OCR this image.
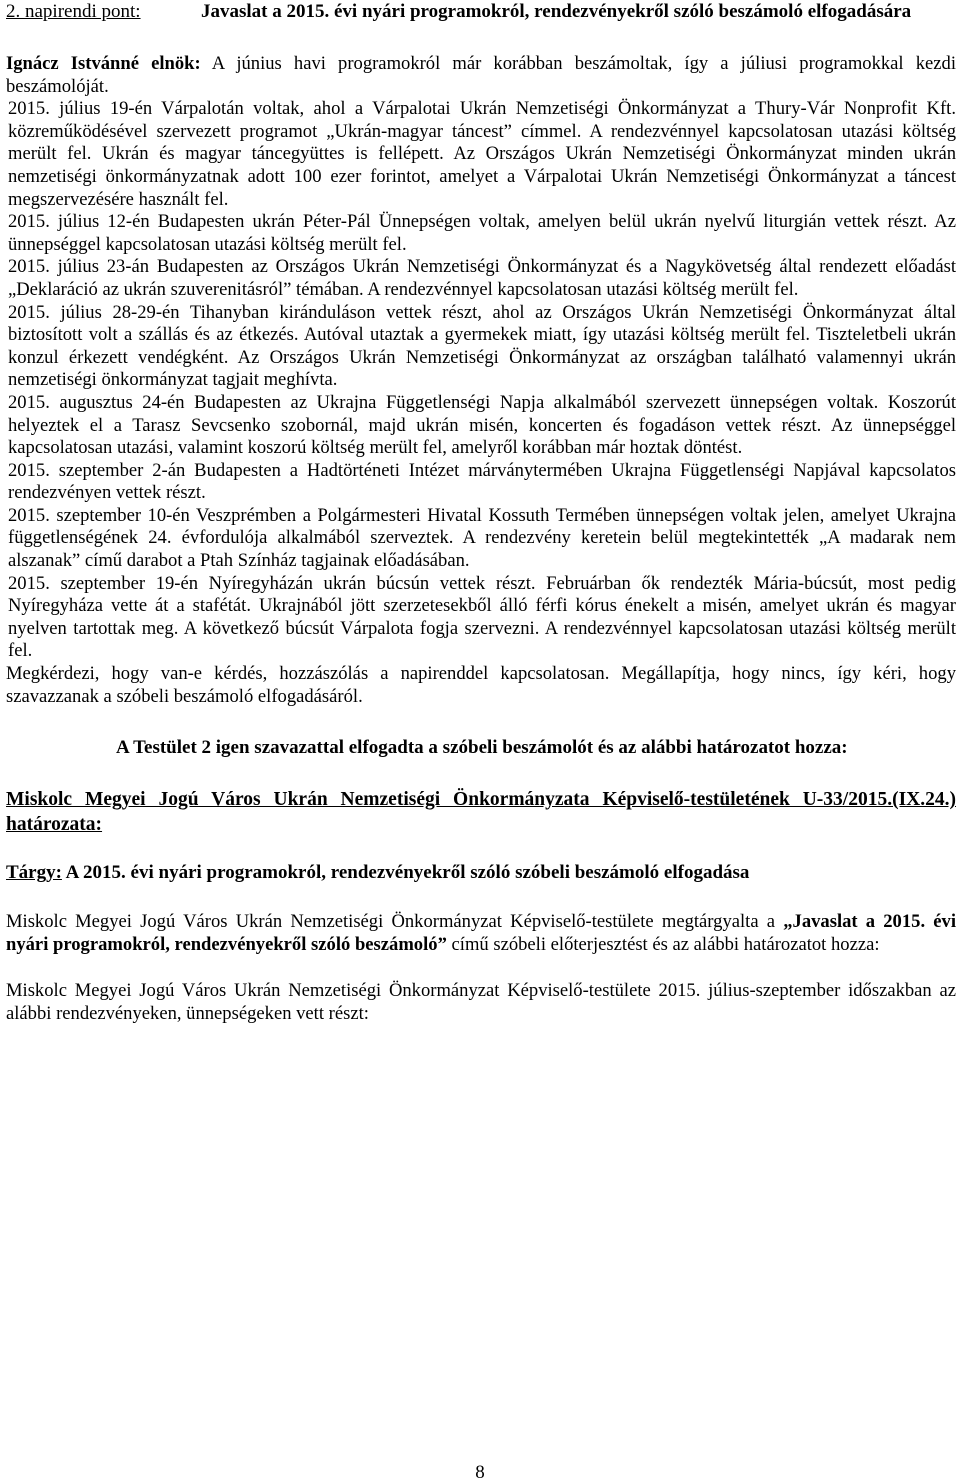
2. napirendi pont:	Javaslat a 2015. évi nyári programokról, rendezvényekről szóló beszámoló elfogadására

Ignácz Istvánné elnök: A június havi programokról már korábban beszámoltak, így a júliusi programokkal kezdi beszámolóját.

2015. július 19-én Várpalotán voltak, ahol a Várpalotai Ukrán Nemzetiségi Önkormányzat a Thury-Vár Nonprofit Kft. közreműködésével szervezett programot „Ukrán-magyar táncest” címmel. A rendezvénnyel kapcsolatosan utazási költség merült fel. Ukrán és magyar táncegyüttes is fellépett. Az Országos Ukrán Nemzetiségi Önkormányzat minden ukrán nemzetiségi önkormányzatnak adott 100 ezer forintot, amelyet a Várpalotai Ukrán Nemzetiségi Önkormányzat a táncest megszervezésére használt fel.

2015. július 12-én Budapesten ukrán Péter-Pál Ünnepségen voltak, amelyen belül ukrán nyelvű liturgián vettek részt. Az ünnepséggel kapcsolatosan utazási költség merült fel.

2015. július 23-án Budapesten az Országos Ukrán Nemzetiségi Önkormányzat és a Nagykövetség által rendezett előadást „Deklaráció az ukrán szuverenitásról” témában. A rendezvénnyel kapcsolatosan utazási költség merült fel.

2015. július 28-29-én Tihanyban kiránduláson vettek részt, ahol az Országos Ukrán Nemzetiségi Önkormányzat által biztosított volt a szállás és az étkezés. Autóval utaztak a gyermekek miatt, így utazási költség merült fel. Tiszteletbeli ukrán konzul érkezett vendégként. Az Országos Ukrán Nemzetiségi Önkormányzat az országban található valamennyi ukrán nemzetiségi önkormányzat tagjait meghívta.

2015. augusztus 24-én Budapesten az Ukrajna Függetlenségi Napja alkalmából szervezett ünnepségen voltak. Koszorút helyeztek el a Tarasz Sevcsenko szobornál, majd ukrán misén, koncerten és fogadáson vettek részt. Az ünnepséggel kapcsolatosan utazási, valamint koszorú költség merült fel, amelyről korábban már hoztak döntést.

2015. szeptember 2-án Budapesten a Hadtörténeti Intézet márványtermében Ukrajna Függetlenségi Napjával kapcsolatos rendezvényen vettek részt.

2015. szeptember 10-én Veszprémben a Polgármesteri Hivatal Kossuth Termében ünnepségen voltak jelen, amelyet Ukrajna függetlenségének 24. évfordulója alkalmából szerveztek. A rendezvény keretein belül megtekintették „A madarak nem alszanak” című darabot a Ptah Színház tagjainak előadásában.

2015. szeptember 19-én Nyíregyházán ukrán búcsún vettek részt. Februárban ők rendezték Mária-búcsút, most pedig Nyíregyháza vette át a stafétát. Ukrajnából jött szerzetesekből álló férfi kórus énekelt a misén, amelyet ukrán és magyar nyelven tartottak meg. A következő búcsút Várpalota fogja szervezni. A rendezvénnyel kapcsolatosan utazási költség merült fel.

Megkérdezi, hogy van-e kérdés, hozzászólás a napirenddel kapcsolatosan. Megállapítja, hogy nincs, így kéri, hogy szavazzanak a szóbeli beszámoló elfogadásáról.

A Testület 2 igen szavazattal elfogadta a szóbeli beszámolót és az alábbi határozatot hozza:
Miskolc Megyei Jogú Város Ukrán Nemzetiségi Önkormányzata Képviselő-testületének U-33/2015.(IX.24.) határozata:
Tárgy: A 2015. évi nyári programokról, rendezvényekről szóló szóbeli beszámoló elfogadása

Miskolc Megyei Jogú Város Ukrán Nemzetiségi Önkormányzat Képviselő-testülete megtárgyalta a „Javaslat a 2015. évi nyári programokról, rendezvényekről szóló beszámoló” című szóbeli előterjesztést és az alábbi határozatot hozza:

Miskolc Megyei Jogú Város Ukrán Nemzetiségi Önkormányzat Képviselő-testülete 2015. július-szeptember időszakban az alábbi rendezvényeken, ünnepségeken vett részt:

8
